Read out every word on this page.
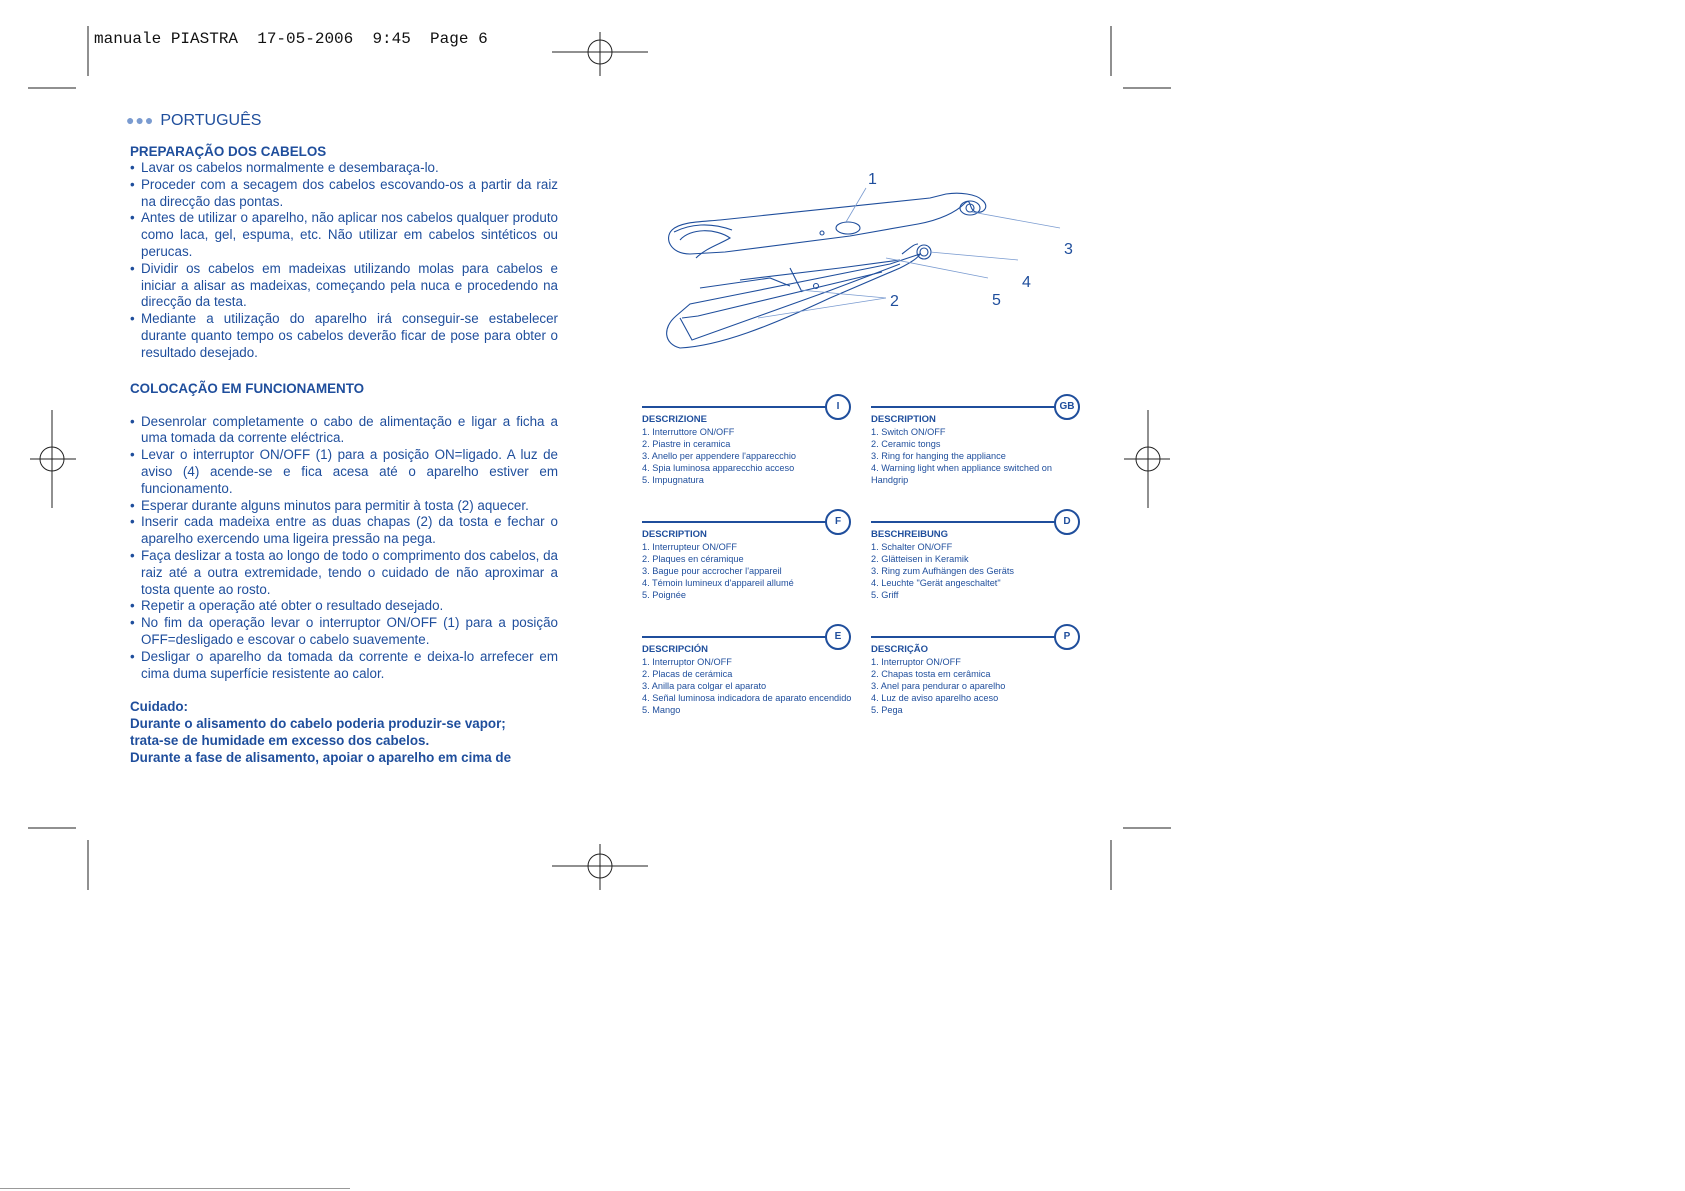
manuale PIASTRA  17-05-2006  9:45  Page 6
●●● PORTUGUÊS
PREPARAÇÃO DOS CABELOS
• Lavar os cabelos normalmente e desembaraça-lo.
• Proceder com a secagem dos cabelos escovando-os a partir da raiz na direcção das pontas.
• Antes de utilizar o aparelho, não aplicar nos cabelos qualquer produto como laca, gel, espuma, etc. Não utilizar em cabelos sintéticos ou perucas.
• Dividir os cabelos em madeixas utilizando molas para cabelos e iniciar a alisar as madeixas, começando pela nuca e procedendo na direcção da testa.
• Mediante a utilização do aparelho irá conseguir-se estabelecer durante quanto tempo os cabelos deverão ficar de pose para obter o resultado desejado.
COLOCAÇÃO EM FUNCIONAMENTO
• Desenrolar completamente o cabo de alimentação e ligar a ficha a uma tomada da corrente eléctrica.
• Levar o interruptor ON/OFF (1) para a posição ON=ligado. A luz de aviso (4) acende-se e fica acesa até o aparelho estiver em funcionamento.
• Esperar durante alguns minutos para permitir à tosta (2) aquecer.
• Inserir cada madeixa entre as duas chapas (2) da tosta e fechar o aparelho exercendo uma ligeira pressão na pega.
• Faça deslizar a tosta ao longo de todo o comprimento dos cabelos, da raiz até a outra extremidade, tendo o cuidado de não aproximar a tosta quente ao rosto.
• Repetir a operação até obter o resultado desejado.
• No fim da operação levar o interruptor ON/OFF (1) para a posição OFF=desligado e escovar o cabelo suavemente.
• Desligar o aparelho da tomada da corrente e deixa-lo arrefecer em cima duma superfície resistente ao calor.

Cuidado:

Durante o alisamento do cabelo poderia produzir-se vapor;

trata-se de humidade em excesso dos cabelos.

Durante a fase de alisamento, apoiar o aparelho em cima de

1
2
3
4
5
I
DESCRIZIONE
1. Interruttore ON/OFF
2. Piastre in ceramica
3. Anello per appendere l'apparecchio
4. Spia luminosa apparecchio acceso
5. Impugnatura
GB
DESCRIPTION
1. Switch ON/OFF
2. Ceramic tongs
3. Ring for hanging the appliance
4. Warning light when appliance switched on
Handgrip
F
DESCRIPTION
1. Interrupteur ON/OFF
2. Plaques en céramique
3. Bague pour accrocher l'appareil
4. Témoin lumineux d'appareil allumé
5. Poignée
D
BESCHREIBUNG
1. Schalter ON/OFF
2. Glätteisen in Keramik
3. Ring zum Aufhängen des Geräts
4. Leuchte "Gerät angeschaltet"
5. Griff
E
DESCRIPCIÓN
1. Interruptor ON/OFF
2. Placas de cerámica
3. Anilla para colgar el aparato
4. Señal luminosa indicadora de aparato encendido
5. Mango
P
DESCRIÇÃO
1. Interruptor ON/OFF
2. Chapas tosta em cerâmica
3. Anel para pendurar o aparelho
4. Luz de aviso aparelho aceso
5. Pega
